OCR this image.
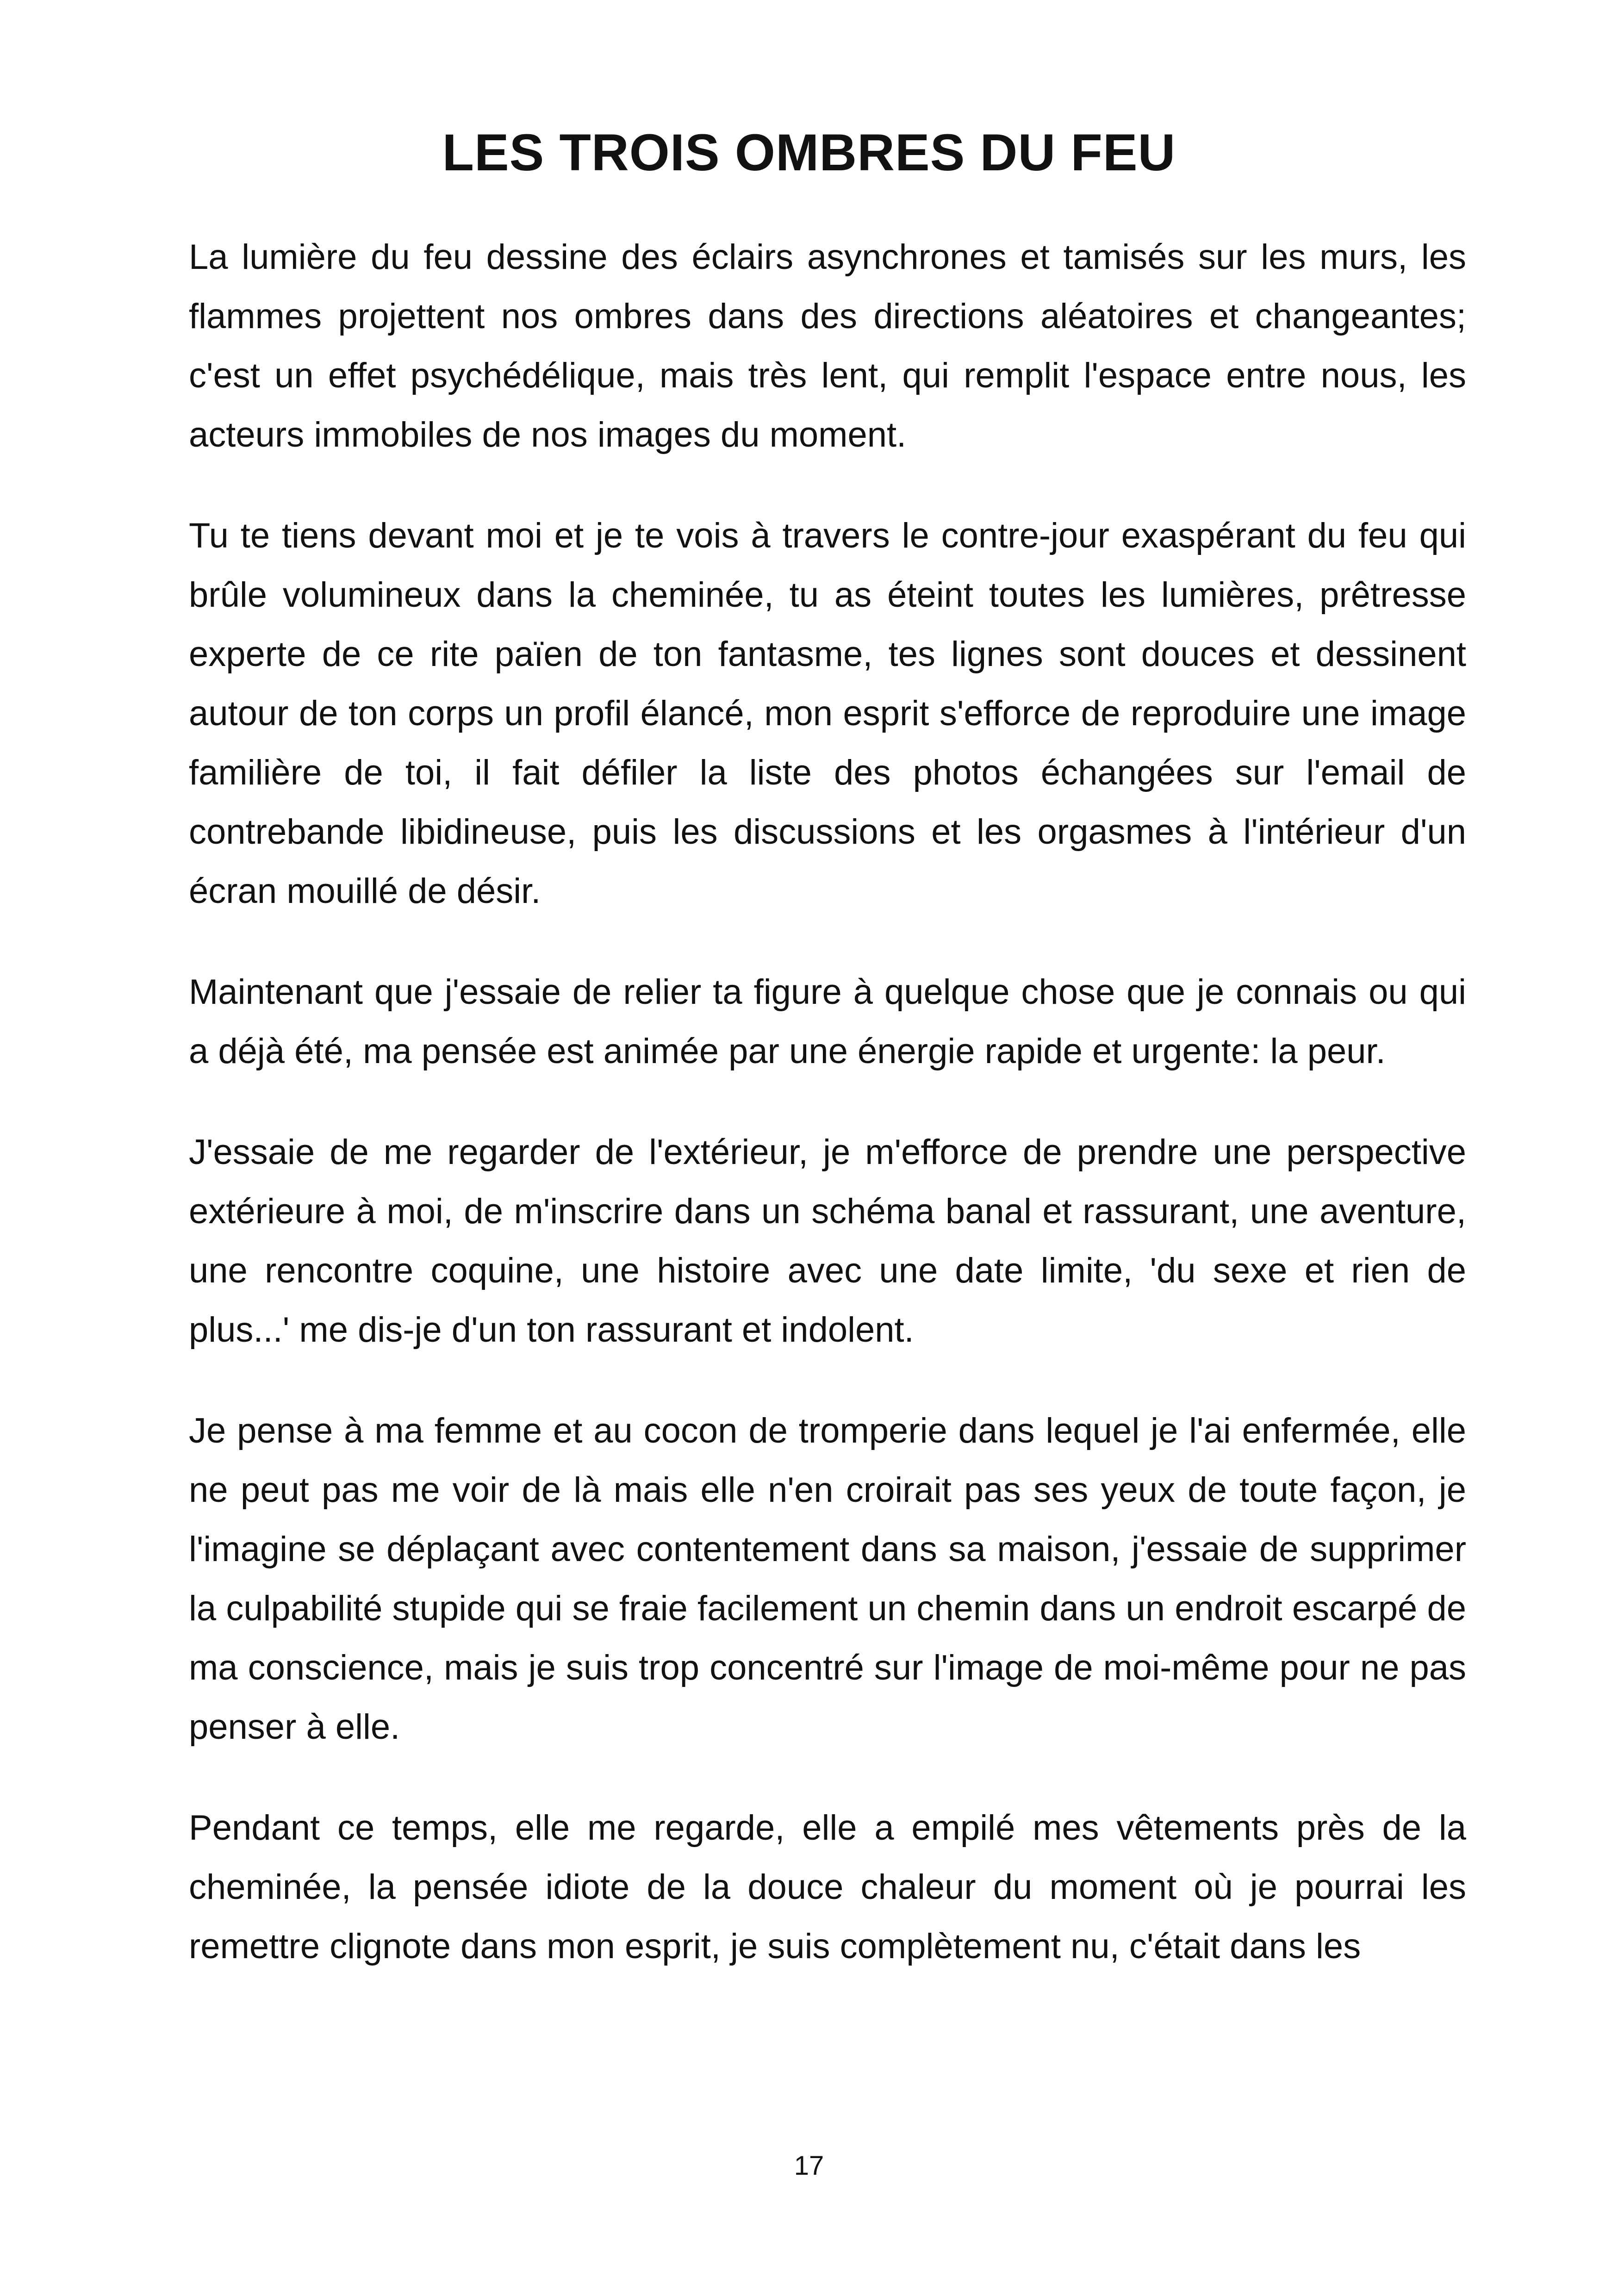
LES TROIS OMBRES DU FEU

La lumière du feu dessine des éclairs asynchrones et tamisés sur les murs, les flammes projettent nos ombres dans des directions aléatoires et changeantes; c'est un effet psychédélique, mais très lent, qui remplit l'espace entre nous, les acteurs immobiles de nos images du moment.

Tu te tiens devant moi et je te vois à travers le contre-jour exaspérant du feu qui brûle volumineux dans la cheminée, tu as éteint toutes les lumières, prêtresse experte de ce rite païen de ton fantasme, tes lignes sont douces et dessinent autour de ton corps un profil élancé, mon esprit s'efforce de reproduire une image familière de toi, il fait défiler la liste des photos échangées sur l'email de contrebande libidineuse, puis les discussions et les orgasmes à l'intérieur d'un écran mouillé de désir.

Maintenant que j'essaie de relier ta figure à quelque chose que je connais ou qui a déjà été, ma pensée est animée par une énergie rapide et urgente: la peur.

J'essaie de me regarder de l'extérieur, je m'efforce de prendre une perspective extérieure à moi, de m'inscrire dans un schéma banal et rassurant, une aventure, une rencontre coquine, une histoire avec une date limite, 'du sexe et rien de plus...' me dis-je d'un ton rassurant et indolent.

Je pense à ma femme et au cocon de tromperie dans lequel je l'ai enfermée, elle ne peut pas me voir de là mais elle n'en croirait pas ses yeux de toute façon, je l'imagine se déplaçant avec contentement dans sa maison, j'essaie de supprimer la culpabilité stupide qui se fraie facilement un chemin dans un endroit escarpé de ma conscience, mais je suis trop concentré sur l'image de moi-même pour ne pas penser à elle.

Pendant ce temps, elle me regarde, elle a empilé mes vêtements près de la cheminée, la pensée idiote de la douce chaleur du moment où je pourrai les remettre clignote dans mon esprit, je suis complètement nu, c'était dans les

17
